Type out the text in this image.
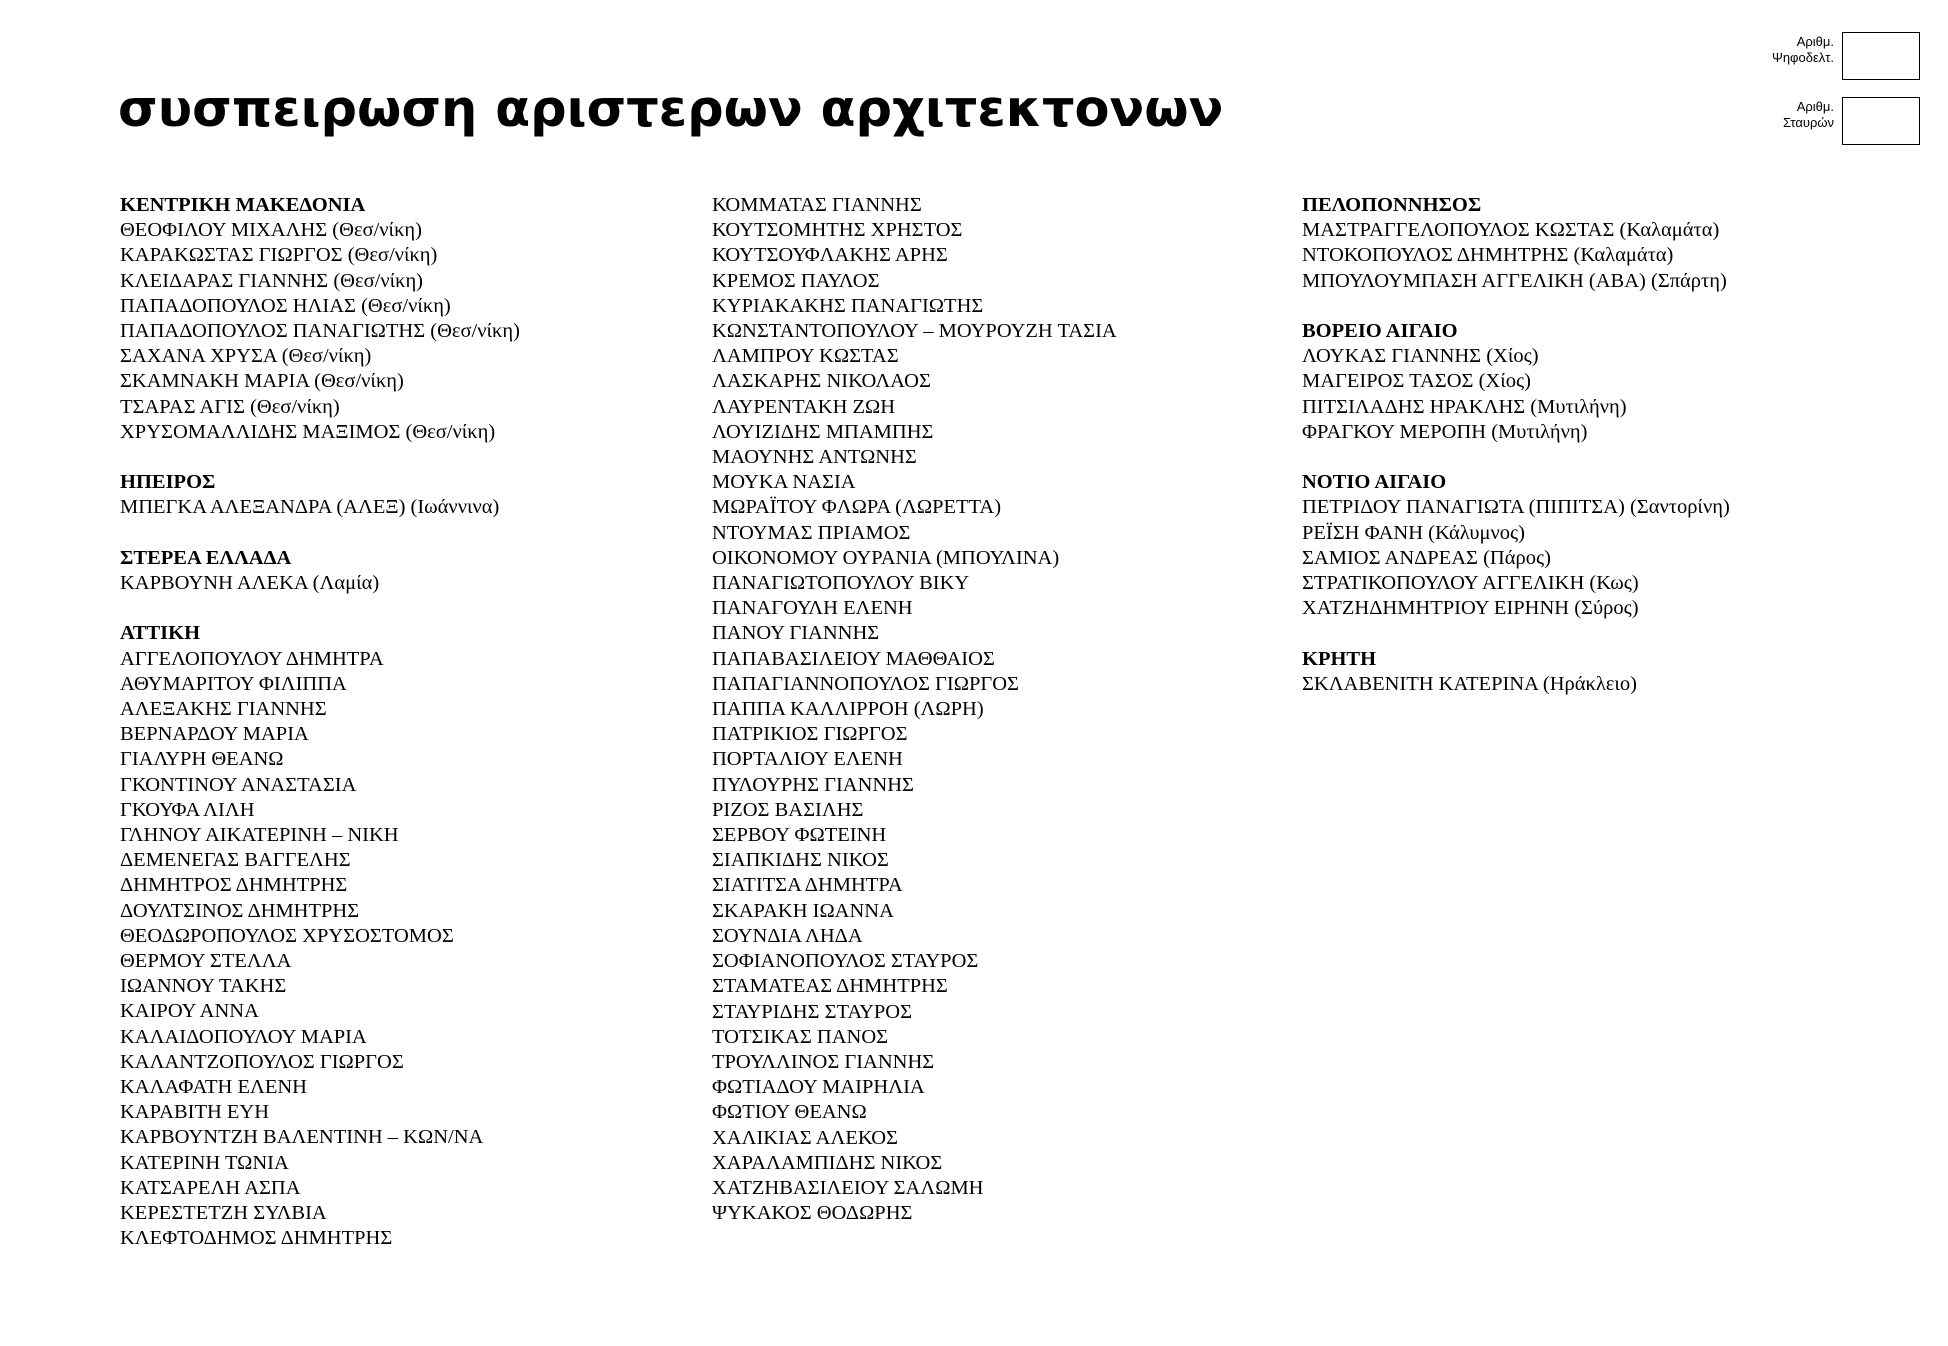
συσπειρωση αριστερων αρχιτεκτονων
Αριθμ.
Ψηφοδελτ.
Αριθμ.
Σταυρών
ΚΕΝΤΡΙΚΗ ΜΑΚΕΔΟΝΙΑ
ΘΕΟΦΙΛΟΥ ΜΙΧΑΛΗΣ (Θεσ/νίκη)
ΚΑΡΑΚΩΣΤΑΣ ΓΙΩΡΓΟΣ (Θεσ/νίκη)
ΚΛΕΙΔΑΡΑΣ ΓΙΑΝΝΗΣ (Θεσ/νίκη)
ΠΑΠΑΔΟΠΟΥΛΟΣ ΗΛΙΑΣ (Θεσ/νίκη)
ΠΑΠΑΔΟΠΟΥΛΟΣ ΠΑΝΑΓΙΩΤΗΣ (Θεσ/νίκη)
ΣΑΧΑΝΑ ΧΡΥΣΑ (Θεσ/νίκη)
ΣΚΑΜΝΑΚΗ ΜΑΡΙΑ (Θεσ/νίκη)
ΤΣΑΡΑΣ ΑΓΙΣ (Θεσ/νίκη)
ΧΡΥΣΟΜΑΛΛΙΔΗΣ ΜΑΞΙΜΟΣ (Θεσ/νίκη)
ΗΠΕΙΡΟΣ
ΜΠΕΓΚΑ ΑΛΕΞΑΝΔΡΑ (ΑΛΕΞ) (Ιωάννινα)
ΣΤΕΡΕΑ ΕΛΛΑΔΑ
ΚΑΡΒΟΥΝΗ ΑΛΕΚΑ (Λαμία)
ΑΤΤΙΚΗ
ΑΓΓΕΛΟΠΟΥΛΟΥ ΔΗΜΗΤΡΑ
ΑΘΥΜΑΡΙΤΟΥ ΦΙΛΙΠΠΑ
ΑΛΕΞΑΚΗΣ ΓΙΑΝΝΗΣ
ΒΕΡΝΑΡΔΟΥ ΜΑΡΙΑ
ΓΙΑΛΥΡΗ ΘΕΑΝΩ
ΓΚΟΝΤΙΝΟΥ ΑΝΑΣΤΑΣΙΑ
ΓΚΟΥΦΑ ΛΙΛΗ
ΓΛΗΝΟΥ ΑΙΚΑΤΕΡΙΝΗ – ΝΙΚΗ
ΔΕΜΕΝΕΓΑΣ ΒΑΓΓΕΛΗΣ
ΔΗΜΗΤΡΟΣ ΔΗΜΗΤΡΗΣ
ΔΟΥΛΤΣΙΝΟΣ ΔΗΜΗΤΡΗΣ
ΘΕΟΔΩΡΟΠΟΥΛΟΣ ΧΡΥΣΟΣΤΟΜΟΣ
ΘΕΡΜΟΥ ΣΤΕΛΛΑ
ΙΩΑΝΝΟΥ ΤΑΚΗΣ
ΚΑΙΡΟΥ ΑΝΝΑ
ΚΑΛΑΙΔΟΠΟΥΛΟΥ ΜΑΡΙΑ
ΚΑΛΑΝΤΖΟΠΟΥΛΟΣ ΓΙΩΡΓΟΣ
ΚΑΛΑΦΑΤΗ ΕΛΕΝΗ
ΚΑΡΑΒΙΤΗ ΕΥΗ
ΚΑΡΒΟΥΝΤΖΗ ΒΑΛΕΝΤΙΝΗ – ΚΩΝ/ΝΑ
ΚΑΤΕΡΙΝΗ ΤΩΝΙΑ
ΚΑΤΣΑΡΕΛΗ ΑΣΠΑ
ΚΕΡΕΣΤΕΤΖΗ ΣΥΛΒΙΑ
ΚΛΕΦΤΟΔΗΜΟΣ ΔΗΜΗΤΡΗΣ
ΚΟΜΜΑΤΑΣ ΓΙΑΝΝΗΣ
ΚΟΥΤΣΟΜΗΤΗΣ ΧΡΗΣΤΟΣ
ΚΟΥΤΣΟΥΦΛΑΚΗΣ ΑΡΗΣ
ΚΡΕΜΟΣ ΠΑΥΛΟΣ
ΚΥΡΙΑΚΑΚΗΣ ΠΑΝΑΓΙΩΤΗΣ
ΚΩΝΣΤΑΝΤΟΠΟΥΛΟΥ – ΜΟΥΡΟΥΖΗ ΤΑΣΙΑ
ΛΑΜΠΡΟΥ ΚΩΣΤΑΣ
ΛΑΣΚΑΡΗΣ ΝΙΚΟΛΑΟΣ
ΛΑΥΡΕΝΤΑΚΗ ΖΩΗ
ΛΟΥΙΖΙΔΗΣ ΜΠΑΜΠΗΣ
ΜΑΟΥΝΗΣ ΑΝΤΩΝΗΣ
ΜΟΥΚΑ ΝΑΣΙΑ
ΜΩΡΑΪΤΟΥ ΦΛΩΡΑ (ΛΩΡΕΤΤΑ)
ΝΤΟΥΜΑΣ ΠΡΙΑΜΟΣ
ΟΙΚΟΝΟΜΟΥ ΟΥΡΑΝΙΑ (ΜΠΟΥΛΙΝΑ)
ΠΑΝΑΓΙΩΤΟΠΟΥΛΟΥ ΒΙΚΥ
ΠΑΝΑΓΟΥΛΗ ΕΛΕΝΗ
ΠΑΝΟΥ ΓΙΑΝΝΗΣ
ΠΑΠΑΒΑΣΙΛΕΙΟΥ ΜΑΘΘΑΙΟΣ
ΠΑΠΑΓΙΑΝΝΟΠΟΥΛΟΣ ΓΙΩΡΓΟΣ
ΠΑΠΠΑ ΚΑΛΛΙΡΡΟΗ (ΛΩΡΗ)
ΠΑΤΡΙΚΙΟΣ ΓΙΩΡΓΟΣ
ΠΟΡΤΑΛΙΟΥ ΕΛΕΝΗ
ΠΥΛΟΥΡΗΣ ΓΙΑΝΝΗΣ
ΡΙΖΟΣ ΒΑΣΙΛΗΣ
ΣΕΡΒΟΥ ΦΩΤΕΙΝΗ
ΣΙΑΠΚΙΔΗΣ ΝΙΚΟΣ
ΣΙΑΤΙΤΣΑ ΔΗΜΗΤΡΑ
ΣΚΑΡΑΚΗ ΙΩΑΝΝΑ
ΣΟΥΝΔΙΑ ΛΗΔΑ
ΣΟΦΙΑΝΟΠΟΥΛΟΣ ΣΤΑΥΡΟΣ
ΣΤΑΜΑΤΕΑΣ ΔΗΜΗΤΡΗΣ
ΣΤΑΥΡΙΔΗΣ ΣΤΑΥΡΟΣ
ΤΟΤΣΙΚΑΣ ΠΑΝΟΣ
ΤΡΟΥΛΛΙΝΟΣ ΓΙΑΝΝΗΣ
ΦΩΤΙΑΔΟΥ ΜΑΙΡΗΛΙΑ
ΦΩΤΙΟΥ ΘΕΑΝΩ
ΧΑΛΙΚΙΑΣ ΑΛΕΚΟΣ
ΧΑΡΑΛΑΜΠΙΔΗΣ ΝΙΚΟΣ
ΧΑΤΖΗΒΑΣΙΛΕΙΟΥ ΣΑΛΩΜΗ
ΨΥΚΑΚΟΣ ΘΟΔΩΡΗΣ
ΠΕΛΟΠΟΝΝΗΣΟΣ
ΜΑΣΤΡΑΓΓΕΛΟΠΟΥΛΟΣ ΚΩΣΤΑΣ (Καλαμάτα)
ΝΤΟΚΟΠΟΥΛΟΣ ΔΗΜΗΤΡΗΣ (Καλαμάτα)
ΜΠΟΥΛΟΥΜΠΑΣΗ ΑΓΓΕΛΙΚΗ (ΑΒΑ) (Σπάρτη)
ΒΟΡΕΙΟ ΑΙΓΑΙΟ
ΛΟΥΚΑΣ ΓΙΑΝΝΗΣ (Χίος)
ΜΑΓΕΙΡΟΣ ΤΑΣΟΣ (Χίος)
ΠΙΤΣΙΛΑΔΗΣ ΗΡΑΚΛΗΣ (Μυτιλήνη)
ΦΡΑΓΚΟΥ ΜΕΡΟΠΗ (Μυτιλήνη)
ΝΟΤΙΟ ΑΙΓΑΙΟ
ΠΕΤΡΙΔΟΥ ΠΑΝΑΓΙΩΤΑ (ΠΙΠΙΤΣΑ) (Σαντορίνη)
ΡΕΪΣΗ ΦΑΝΗ (Κάλυμνος)
ΣΑΜΙΟΣ ΑΝΔΡΕΑΣ (Πάρος)
ΣΤΡΑΤΙΚΟΠΟΥΛΟΥ ΑΓΓΕΛΙΚΗ (Κως)
ΧΑΤΖΗΔΗΜΗΤΡΙΟΥ ΕΙΡΗΝΗ (Σύρος)
ΚΡΗΤΗ
ΣΚΛΑΒΕΝΙΤΗ ΚΑΤΕΡΙΝΑ (Ηράκλειο)
